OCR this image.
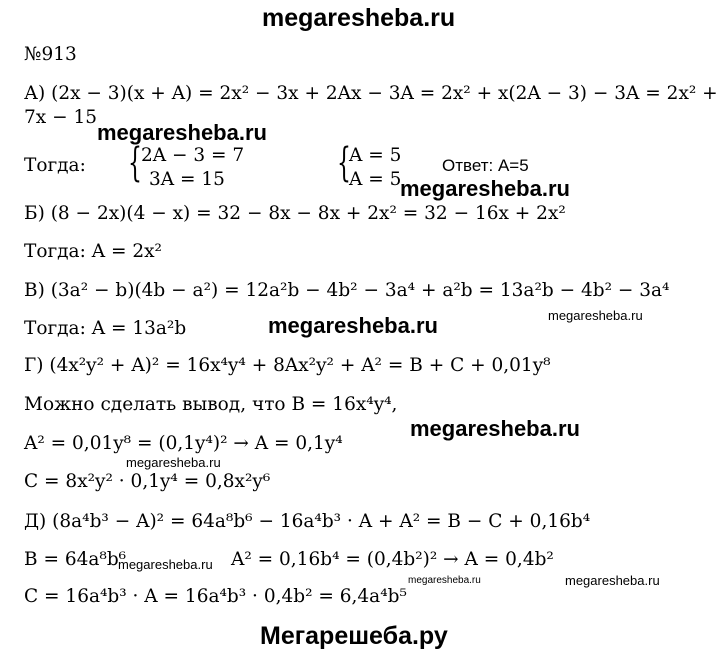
megaresheba.ru
№913
А) (2x − 3)(x + A) = 2x² − 3x + 2Ax − 3A = 2x² + x(2A − 3) − 3A = 2x² +
7x − 15
megaresheba.ru
Тогда: { 2A − 3 = 7
3A = 15	{
A = 5
A = 5
Ответ: A=5
megaresheba.ru
Б) (8 − 2x)(4 − x) = 32 − 8x − 8x + 2x² = 32 − 16x + 2x²
Тогда: A = 2x²
В) (3a² − b)(4b − a²) = 12a²b − 4b² − 3a⁴ + a²b = 13a²b − 4b² − 3a⁴
Тогда: A = 13a²b	megaresheba.ru	megaresheba.ru
Г) (4x²y² + A)² = 16x⁴y⁴ + 8Ax²y² + A² = B + C + 0,01y⁸
Можно сделать вывод, что B = 16x⁴y⁴,
A² = 0,01y⁸ = (0,1y⁴)² → A = 0,1y⁴
megaresheba.ru
megaresheba.ru
C = 8x²y² · 0,1y⁴ = 0,8x²y⁶
Д) (8a⁴b³ − A)² = 64a⁸b⁶ − 16a⁴b³ · A + A² = B − C + 0,16b⁴
B = 64a⁸b⁶
megaresheba.ru A² = 0,16b⁴ = (0,4b²)² → A = 0,4b²
megaresheba.ru	megaresheba.ru
C = 16a⁴b³ · A = 16a⁴b³ · 0,4b² = 6,4a⁴b⁵
Мегарешеба.ру
